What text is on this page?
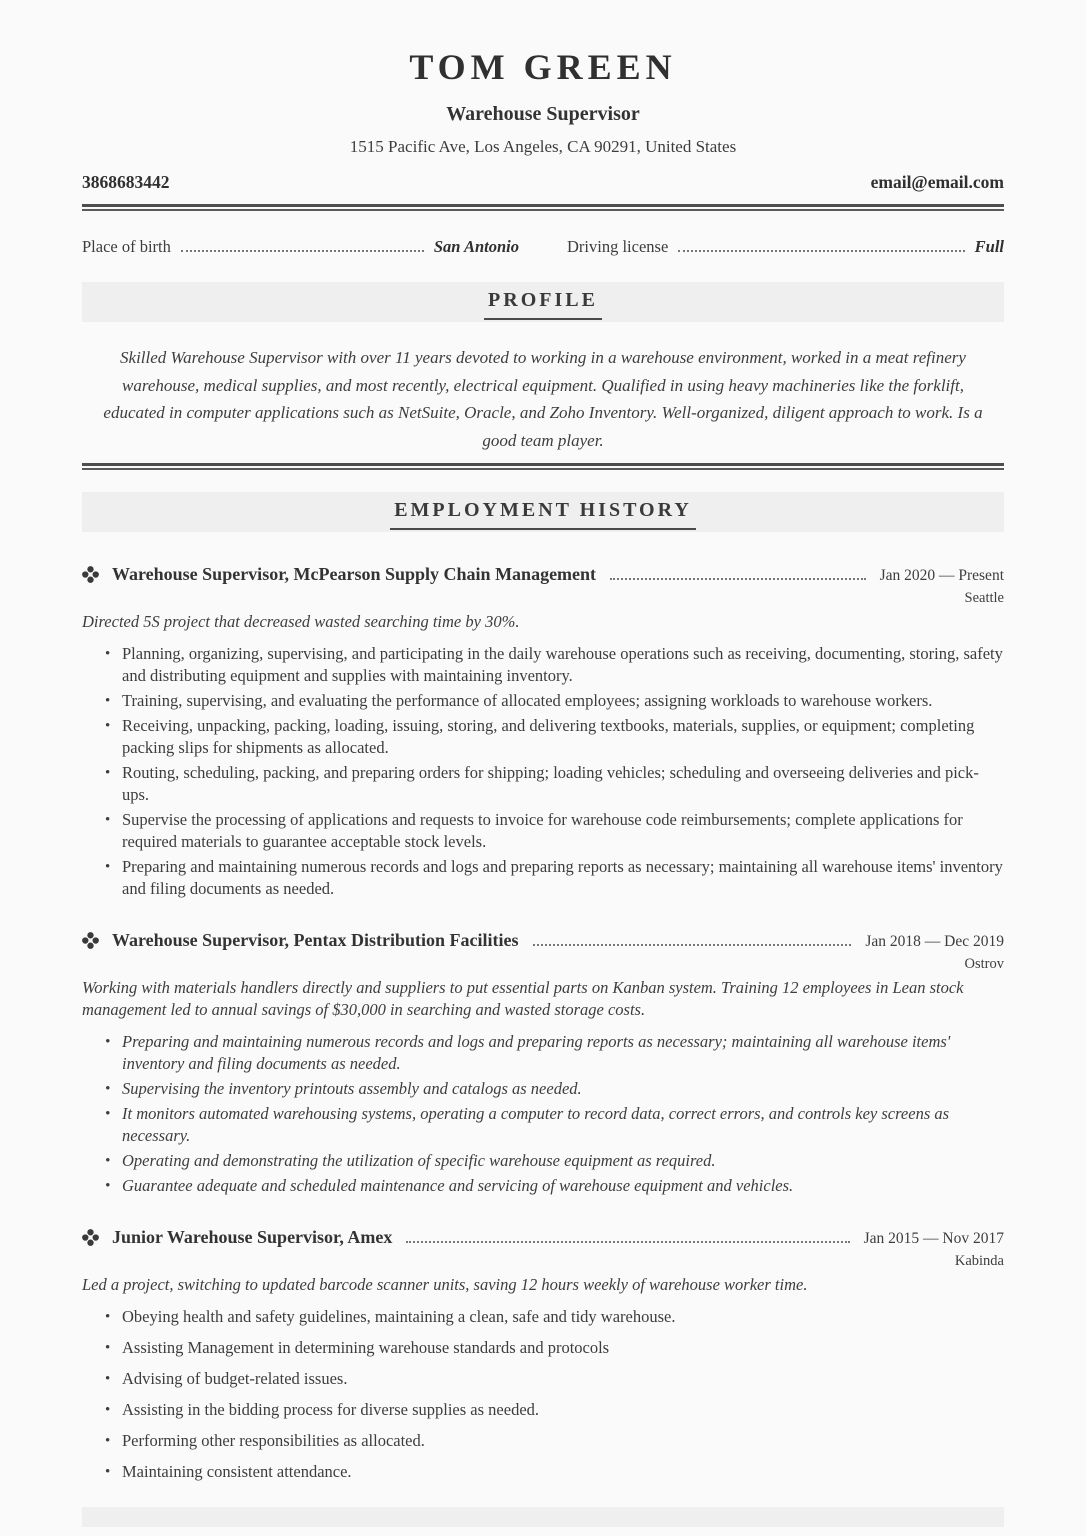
TOM GREEN
Warehouse Supervisor
1515 Pacific Ave, Los Angeles, CA 90291, United States
3868683442	email@email.com
Place of birth	San Antonio	Driving license	Full
PROFILE

Skilled Warehouse Supervisor with over 11 years devoted to working in a warehouse environment, worked in a meat refinery warehouse, medical supplies, and most recently, electrical equipment. Qualified in using heavy machineries like the forklift, educated in computer applications such as NetSuite, Oracle, and Zoho Inventory. Well-organized, diligent approach to work. Is a good team player.

EMPLOYMENT HISTORY
Warehouse Supervisor, McPearson Supply Chain Management	Jan 2020 — Present
Seattle

Directed 5S project that decreased wasted searching time by 30%.

• Planning, organizing, supervising, and participating in the daily warehouse operations such as receiving, documenting, storing, safety and distributing equipment and supplies with maintaining inventory.
• Training, supervising, and evaluating the performance of allocated employees; assigning workloads to warehouse workers.
• Receiving, unpacking, packing, loading, issuing, storing, and delivering textbooks, materials, supplies, or equipment; completing packing slips for shipments as allocated.
• Routing, scheduling, packing, and preparing orders for shipping; loading vehicles; scheduling and overseeing deliveries and pick-ups.
• Supervise the processing of applications and requests to invoice for warehouse code reimbursements; complete applications for required materials to guarantee acceptable stock levels.
• Preparing and maintaining numerous records and logs and preparing reports as necessary; maintaining all warehouse items' inventory and filing documents as needed.
Warehouse Supervisor, Pentax Distribution Facilities	Jan 2018 — Dec 2019
Ostrov

Working with materials handlers directly and suppliers to put essential parts on Kanban system. Training 12 employees in Lean stock management led to annual savings of $30,000 in searching and wasted storage costs.

• Preparing and maintaining numerous records and logs and preparing reports as necessary; maintaining all warehouse items' inventory and filing documents as needed.
• Supervising the inventory printouts assembly and catalogs as needed.
• It monitors automated warehousing systems, operating a computer to record data, correct errors, and controls key screens as necessary.
• Operating and demonstrating the utilization of specific warehouse equipment as required.
• Guarantee adequate and scheduled maintenance and servicing of warehouse equipment and vehicles.
Junior Warehouse Supervisor, Amex	Jan 2015 — Nov 2017
Kabinda

Led a project, switching to updated barcode scanner units, saving 12 hours weekly of warehouse worker time.

• Obeying health and safety guidelines, maintaining a clean, safe and tidy warehouse.
• Assisting Management in determining warehouse standards and protocols
• Advising of budget-related issues.
• Assisting in the bidding process for diverse supplies as needed.
• Performing other responsibilities as allocated.
• Maintaining consistent attendance.
